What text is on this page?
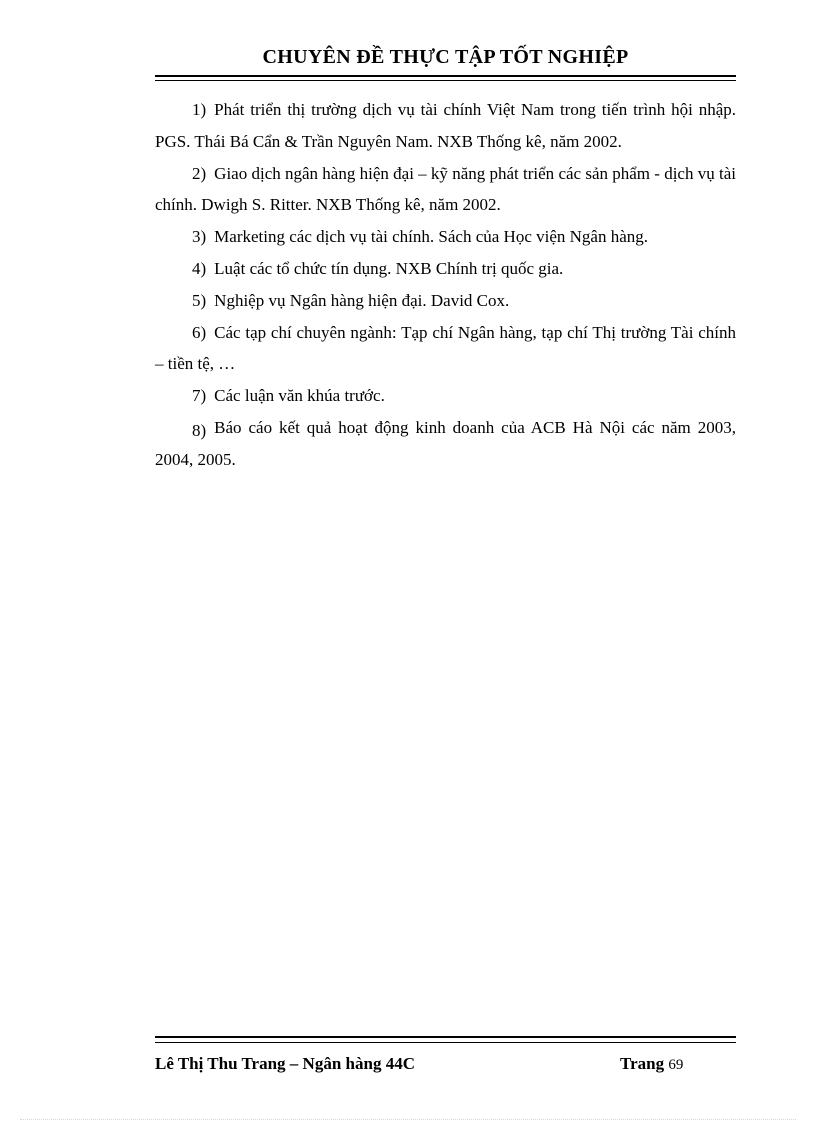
CHUYÊN ĐỀ THỰC TẬP TỐT NGHIỆP

1) Phát triển thị trường dịch vụ tài chính Việt Nam trong tiến trình hội nhập. PGS. Thái Bá Cẩn & Trần Nguyên Nam. NXB Thống kê, năm 2002.

2) Giao dịch ngân hàng hiện đại – kỹ năng phát triển các sản phẩm - dịch vụ tài chính. Dwigh S. Ritter. NXB Thống kê, năm 2002.

3) Marketing các dịch vụ tài chính. Sách của Học viện Ngân hàng.

4) Luật các tổ chức tín dụng. NXB Chính trị quốc gia.

5) Nghiệp vụ Ngân hàng hiện đại. David Cox.

6) Các tạp chí chuyên ngành: Tạp chí Ngân hàng, tạp chí Thị trường Tài chính – tiền tệ, …

7) Các luận văn khúa trước.

8) Báo cáo kết quả hoạt động kinh doanh của ACB Hà Nội các năm 2003, 2004, 2005.

Lê Thị Thu Trang – Ngân hàng 44C	Trang 69
